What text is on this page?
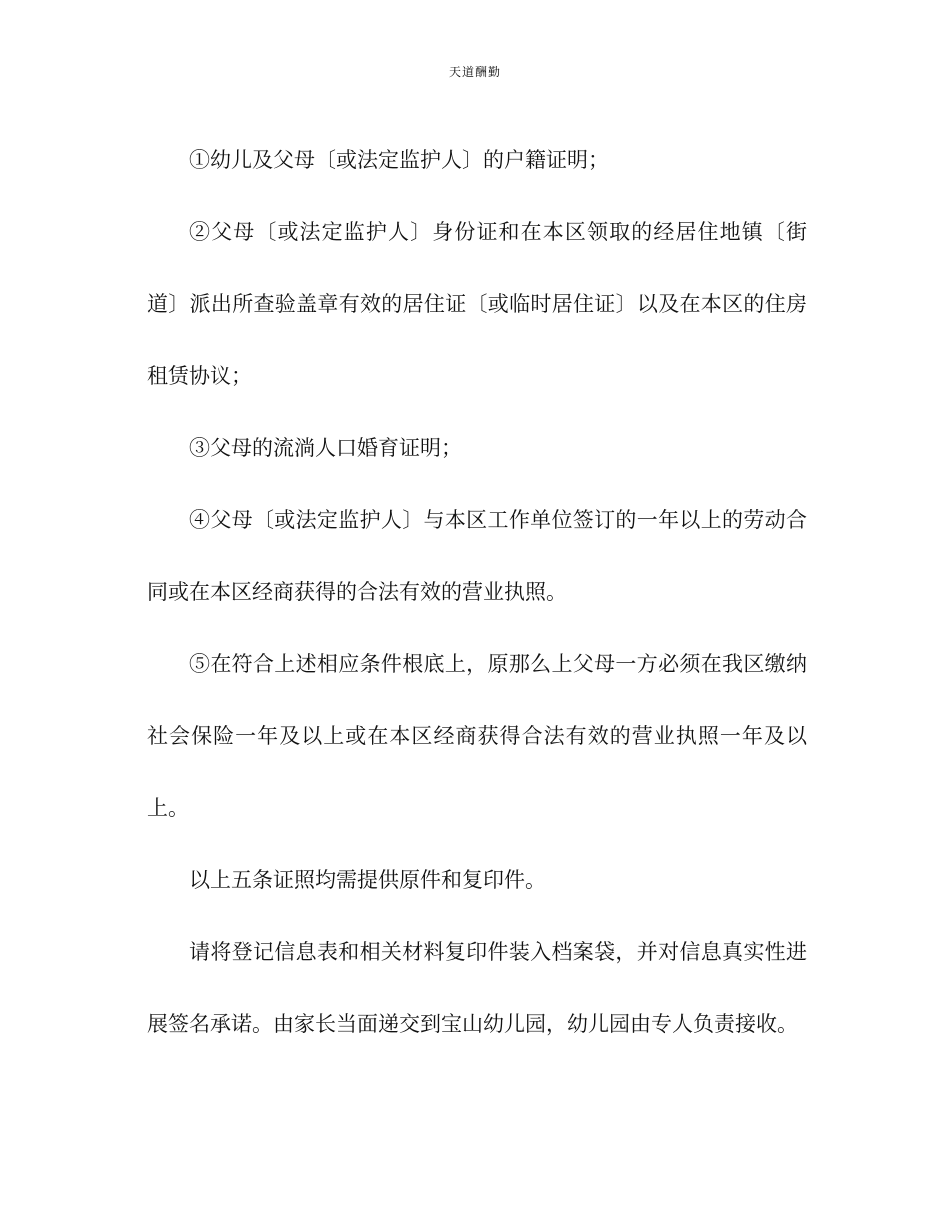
天道酬勤

①幼儿及父母〔或法定监护人〕的户籍证明；

②父母〔或法定监护人〕身份证和在本区领取的经居住地镇〔街道〕派出所查验盖章有效的居住证〔或临时居住证〕以及在本区的住房租赁协议；

③父母的流淌人口婚育证明；

④父母〔或法定监护人〕与本区工作单位签订的一年以上的劳动合同或在本区经商获得的合法有效的营业执照。

⑤在符合上述相应条件根底上，原那么上父母一方必须在我区缴纳社会保险一年及以上或在本区经商获得合法有效的营业执照一年及以上。

以上五条证照均需提供原件和复印件。

请将登记信息表和相关材料复印件装入档案袋，并对信息真实性进展签名承诺。由家长当面递交到宝山幼儿园，幼儿园由专人负责接收。
